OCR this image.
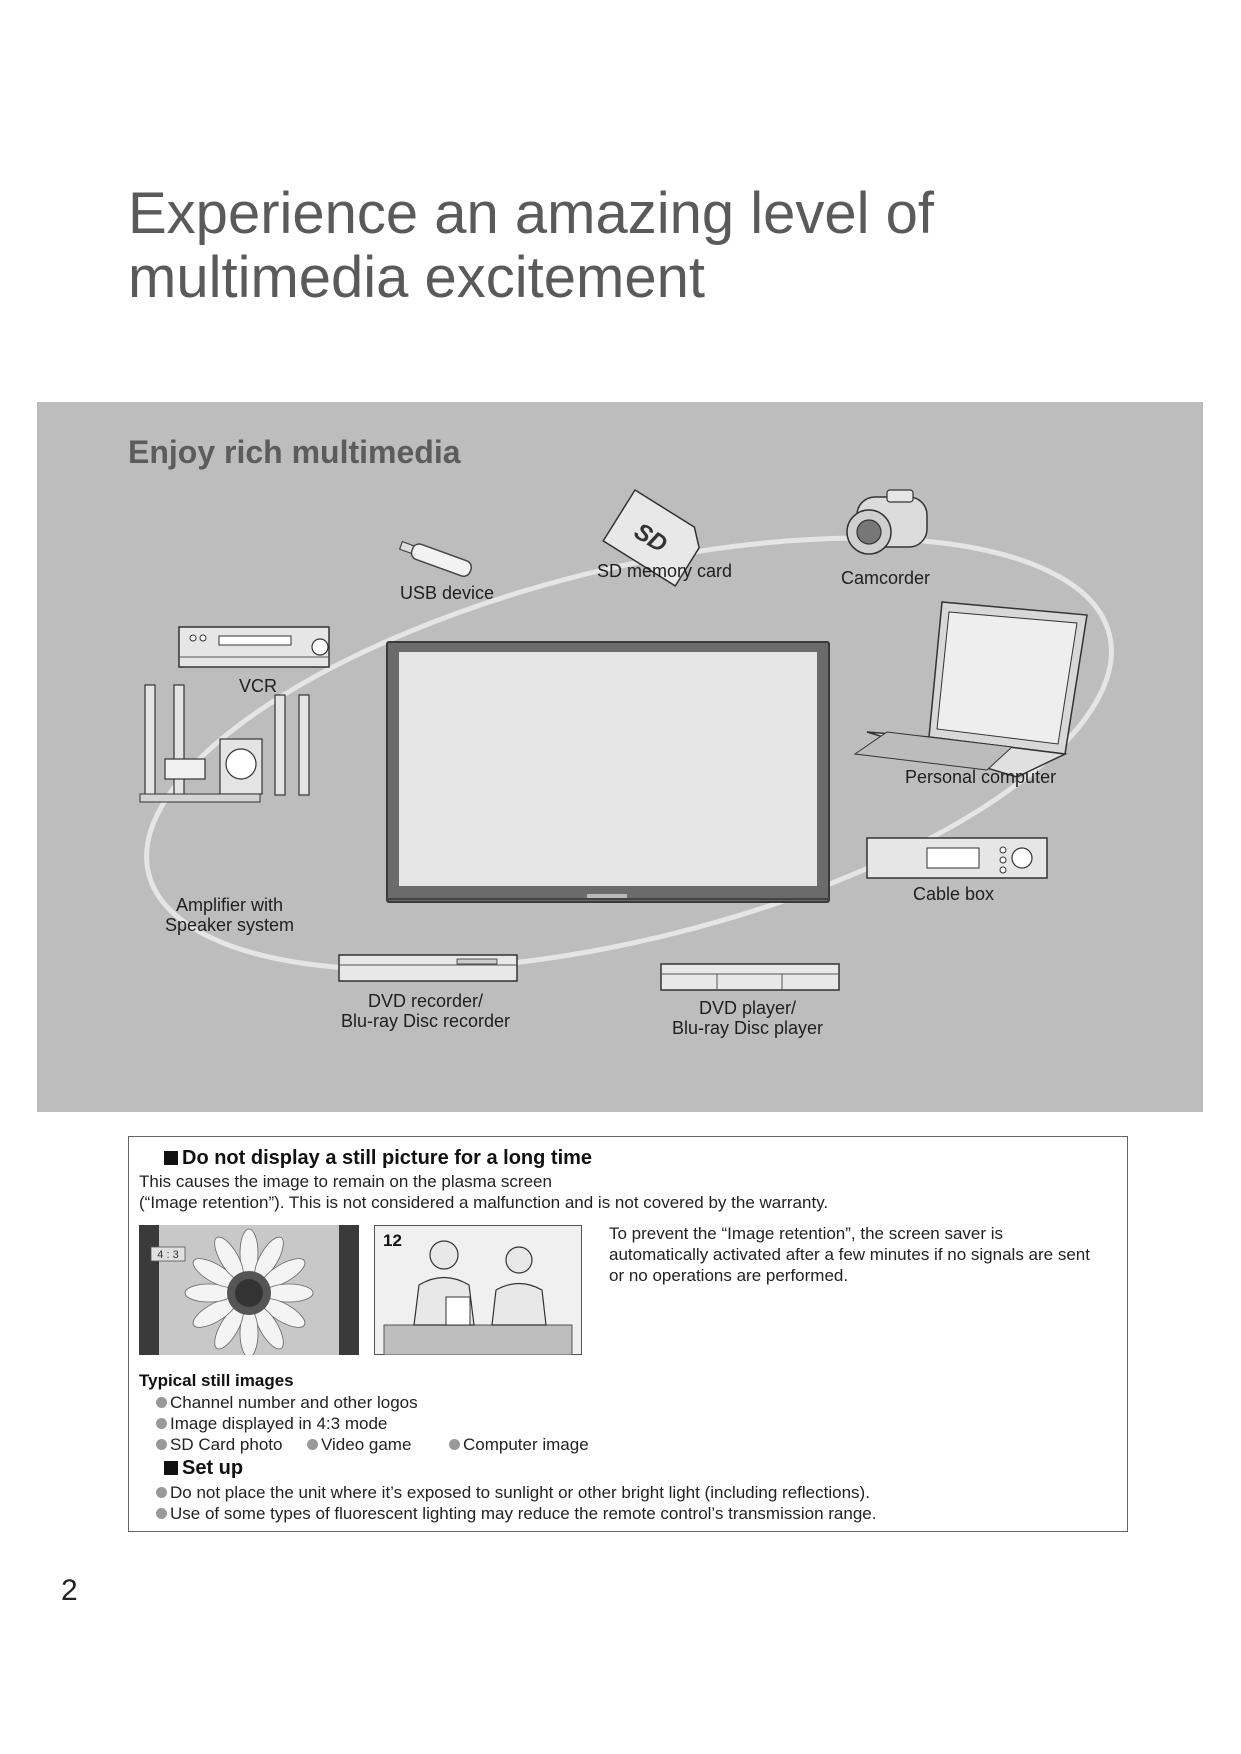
Experience an amazing level of
multimedia excitement
Enjoy rich multimedia
SD
USB device
SD memory card	Camcorder
VCR
Personal computer
Amplifier with
Speaker system
Cable box
DVD recorder/
Blu-ray Disc recorder
DVD player/
Blu-ray Disc player
Do not display a still picture for a long time
This causes the image to remain on the plasma screen
(“Image retention”). This is not considered a malfunction and is not covered by the warranty.
4 : 3
12	To prevent the “Image retention”, the screen saver is automatically activated after a few minutes if no signals are sent or no operations are performed.
Typical still images
Channel number and other logos
Image displayed in 4:3 mode
SD Card photo	Video game	Computer image
Set up
Do not place the unit where it’s exposed to sunlight or other bright light (including reflections).
Use of some types of fluorescent lighting may reduce the remote control’s transmission range.
2
